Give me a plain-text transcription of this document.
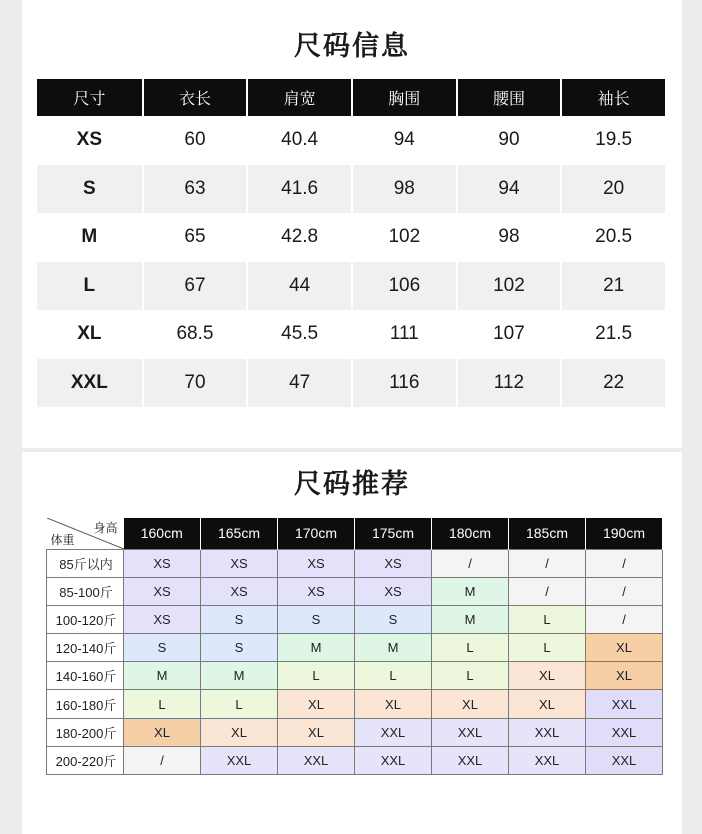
尺码信息
尺寸	衣长	肩宽	胸围	腰围	袖长
XS	60	40.4	94	90	19.5
S	63	41.6	98	94	20
M	65	42.8	102	98	20.5
L	67	44	106	102	21
XL	68.5	45.5	111	107	21.5
XXL	70	47	116	112	22
尺码推荐
身高
体重	160cm	165cm	170cm	175cm	180cm	185cm	190cm
85斤以内	XS	XS	XS	XS	/	/	/
85-100斤	XS	XS	XS	XS	M	/	/
100-120斤	XS	S	S	S	M	L	/
120-140斤	S	S	M	M	L	L	XL
140-160斤	M	M	L	L	L	XL	XL
160-180斤	L	L	XL	XL	XL	XL	XXL
180-200斤	XL	XL	XL	XXL	XXL	XXL	XXL
200-220斤	/	XXL	XXL	XXL	XXL	XXL	XXL
